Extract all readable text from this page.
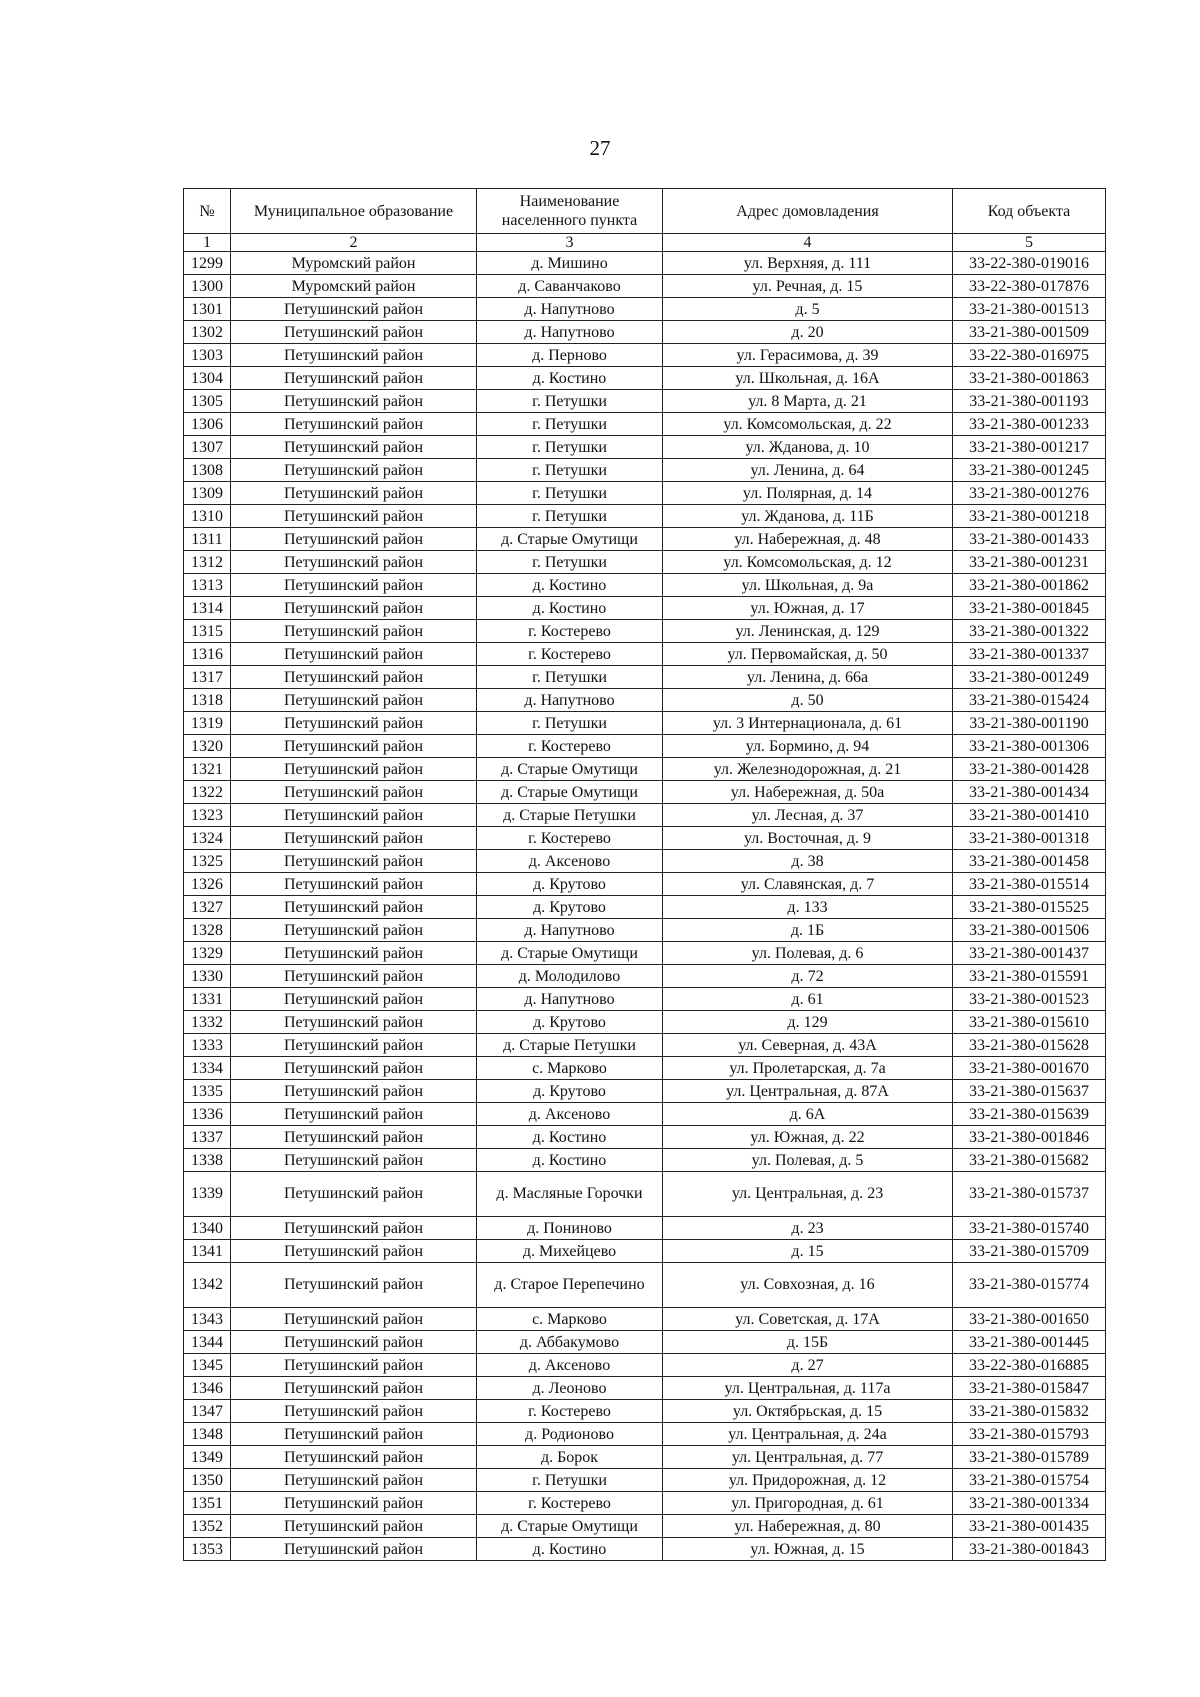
27
№	Муниципальное образование	Наименование населенного пункта	Адрес домовладения	Код объекта
1	2	3	4	5
1299	Муромский район	д. Мишино	ул. Верхняя, д. 111	33-22-380-019016
1300	Муромский район	д. Саванчаково	ул. Речная, д. 15	33-22-380-017876
1301	Петушинский район	д. Напутново	д. 5	33-21-380-001513
1302	Петушинский район	д. Напутново	д. 20	33-21-380-001509
1303	Петушинский район	д. Перново	ул. Герасимова, д. 39	33-22-380-016975
1304	Петушинский район	д. Костино	ул. Школьная, д. 16А	33-21-380-001863
1305	Петушинский район	г. Петушки	ул. 8 Марта, д. 21	33-21-380-001193
1306	Петушинский район	г. Петушки	ул. Комсомольская, д. 22	33-21-380-001233
1307	Петушинский район	г. Петушки	ул. Жданова, д. 10	33-21-380-001217
1308	Петушинский район	г. Петушки	ул. Ленина, д. 64	33-21-380-001245
1309	Петушинский район	г. Петушки	ул. Полярная, д. 14	33-21-380-001276
1310	Петушинский район	г. Петушки	ул. Жданова, д. 11Б	33-21-380-001218
1311	Петушинский район	д. Старые Омутищи	ул. Набережная, д. 48	33-21-380-001433
1312	Петушинский район	г. Петушки	ул. Комсомольская, д. 12	33-21-380-001231
1313	Петушинский район	д. Костино	ул. Школьная, д. 9а	33-21-380-001862
1314	Петушинский район	д. Костино	ул. Южная, д. 17	33-21-380-001845
1315	Петушинский район	г. Костерево	ул. Ленинская, д. 129	33-21-380-001322
1316	Петушинский район	г. Костерево	ул. Первомайская, д. 50	33-21-380-001337
1317	Петушинский район	г. Петушки	ул. Ленина, д. 66а	33-21-380-001249
1318	Петушинский район	д. Напутново	д. 50	33-21-380-015424
1319	Петушинский район	г. Петушки	ул. 3 Интернационала, д. 61	33-21-380-001190
1320	Петушинский район	г. Костерево	ул. Бормино, д. 94	33-21-380-001306
1321	Петушинский район	д. Старые Омутищи	ул. Железнодорожная, д. 21	33-21-380-001428
1322	Петушинский район	д. Старые Омутищи	ул. Набережная, д. 50а	33-21-380-001434
1323	Петушинский район	д. Старые Петушки	ул. Лесная, д. 37	33-21-380-001410
1324	Петушинский район	г. Костерево	ул. Восточная, д. 9	33-21-380-001318
1325	Петушинский район	д. Аксеново	д. 38	33-21-380-001458
1326	Петушинский район	д. Крутово	ул. Славянская, д. 7	33-21-380-015514
1327	Петушинский район	д. Крутово	д. 133	33-21-380-015525
1328	Петушинский район	д. Напутново	д. 1Б	33-21-380-001506
1329	Петушинский район	д. Старые Омутищи	ул. Полевая, д. 6	33-21-380-001437
1330	Петушинский район	д. Молодилово	д. 72	33-21-380-015591
1331	Петушинский район	д. Напутново	д. 61	33-21-380-001523
1332	Петушинский район	д. Крутово	д. 129	33-21-380-015610
1333	Петушинский район	д. Старые Петушки	ул. Северная, д. 43А	33-21-380-015628
1334	Петушинский район	с. Марково	ул. Пролетарская, д. 7а	33-21-380-001670
1335	Петушинский район	д. Крутово	ул. Центральная, д. 87А	33-21-380-015637
1336	Петушинский район	д. Аксеново	д. 6А	33-21-380-015639
1337	Петушинский район	д. Костино	ул. Южная, д. 22	33-21-380-001846
1338	Петушинский район	д. Костино	ул. Полевая, д. 5	33-21-380-015682
1339	Петушинский район	д. Масляные Горочки	ул. Центральная, д. 23	33-21-380-015737
1340	Петушинский район	д. Пониново	д. 23	33-21-380-015740
1341	Петушинский район	д. Михейцево	д. 15	33-21-380-015709
1342	Петушинский район	д. Старое Перепечино	ул. Совхозная, д. 16	33-21-380-015774
1343	Петушинский район	с. Марково	ул. Советская, д. 17А	33-21-380-001650
1344	Петушинский район	д. Аббакумово	д. 15Б	33-21-380-001445
1345	Петушинский район	д. Аксеново	д. 27	33-22-380-016885
1346	Петушинский район	д. Леоново	ул. Центральная, д. 117а	33-21-380-015847
1347	Петушинский район	г. Костерево	ул. Октябрьская, д. 15	33-21-380-015832
1348	Петушинский район	д. Родионово	ул. Центральная, д. 24а	33-21-380-015793
1349	Петушинский район	д. Борок	ул. Центральная, д. 77	33-21-380-015789
1350	Петушинский район	г. Петушки	ул. Придорожная, д. 12	33-21-380-015754
1351	Петушинский район	г. Костерево	ул. Пригородная, д. 61	33-21-380-001334
1352	Петушинский район	д. Старые Омутищи	ул. Набережная, д. 80	33-21-380-001435
1353	Петушинский район	д. Костино	ул. Южная, д. 15	33-21-380-001843
